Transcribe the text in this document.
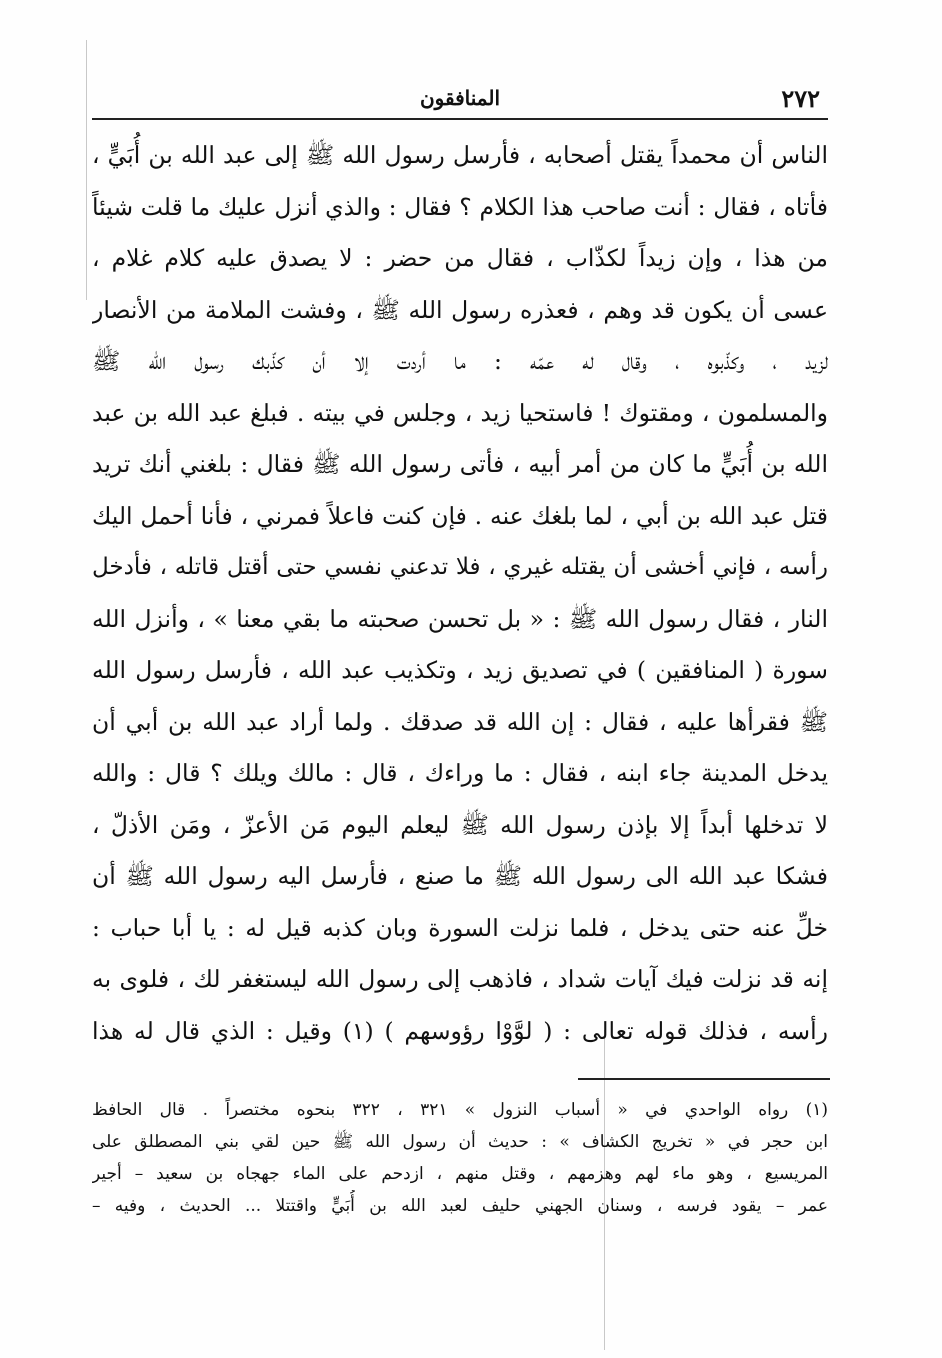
٢٧٢
المنافقون
الناس أن محمداً يقتل أصحابه ، فأرسل رسول الله ﷺ إلى عبد الله بن أُبَيٍّ ،
فأتاه ، فقال : أنت صاحب هذا الكلام ؟ فقال : والذي أنزل عليك ما قلت شيئاً
من هذا ، وإن زيداً لكذّاب ، فقال من حضر : لا يصدق عليه كلام غلام ،
عسى أن يكون قد وهم ، فعذره رسول الله ﷺ ، وفشت الملامة من الأنصار
لزيد ، وكذّبوه ، وقال له عمّه : ما أردت إلا أن كذّبك رسول الله ﷺ
والمسلمون ، ومقتوك ! فاستحيا زيد ، وجلس في بيته . فبلغ عبد الله بن عبد
الله بن أُبَيٍّ ما كان من أمر أبيه ، فأتى رسول الله ﷺ فقال : بلغني أنك تريد
قتل عبد الله بن أبي ، لما بلغك عنه . فإن كنت فاعلاً فمرني ، فأنا أحمل اليك
رأسه ، فإني أخشى أن يقتله غيري ، فلا تدعني نفسي حتى أقتل قاتله ، فأدخل
النار ، فقال رسول الله ﷺ : « بل تحسن صحبته ما بقي معنا » ، وأنزل الله
سورة ( المنافقين ) في تصديق زيد ، وتكذيب عبد الله ، فأرسل رسول الله
ﷺ فقرأها عليه ، فقال : إن الله قد صدقك . ولما أراد عبد الله بن أبي أن
يدخل المدينة جاء ابنه ، فقال : ما وراءك ، قال : مالك ويلك ؟ قال : والله
لا تدخلها أبداً إلا بإذن رسول الله ﷺ ليعلم اليوم مَن الأعزّ ، ومَن الأذلّ ،
فشكا عبد الله الى رسول الله ﷺ ما صنع ، فأرسل اليه رسول الله ﷺ أن
خلِّ عنه حتى يدخل ، فلما نزلت السورة وبان كذبه قيل له : يا أبا حباب :
إنه قد نزلت فيك آيات شداد ، فاذهب إلى رسول الله ليستغفر لك ، فلوى به
رأسه ، فذلك قوله تعالى : ( لوَّوْا رؤوسهم ) (١) وقيل : الذي قال له هذا
(١) رواه الواحدي في « أسباب النزول » ٣٢١ ، ٣٢٢ بنحوه مختصراً . قال الحافظ
ابن حجر في « تخريج الكشاف » : حديث أن رسول الله ﷺ حين لقي بني المصطلق على
المريسيع ، وهو ماء لهم وهزمهم ، وقتل منهم ، ازدحم على الماء جهجاه بن سعيد – أجير
عمر – يقود فرسه ، وسنان الجهني حليف لعبد الله بن أُبَيٍّ واقتتلا ... الحديث ، وفيه –
